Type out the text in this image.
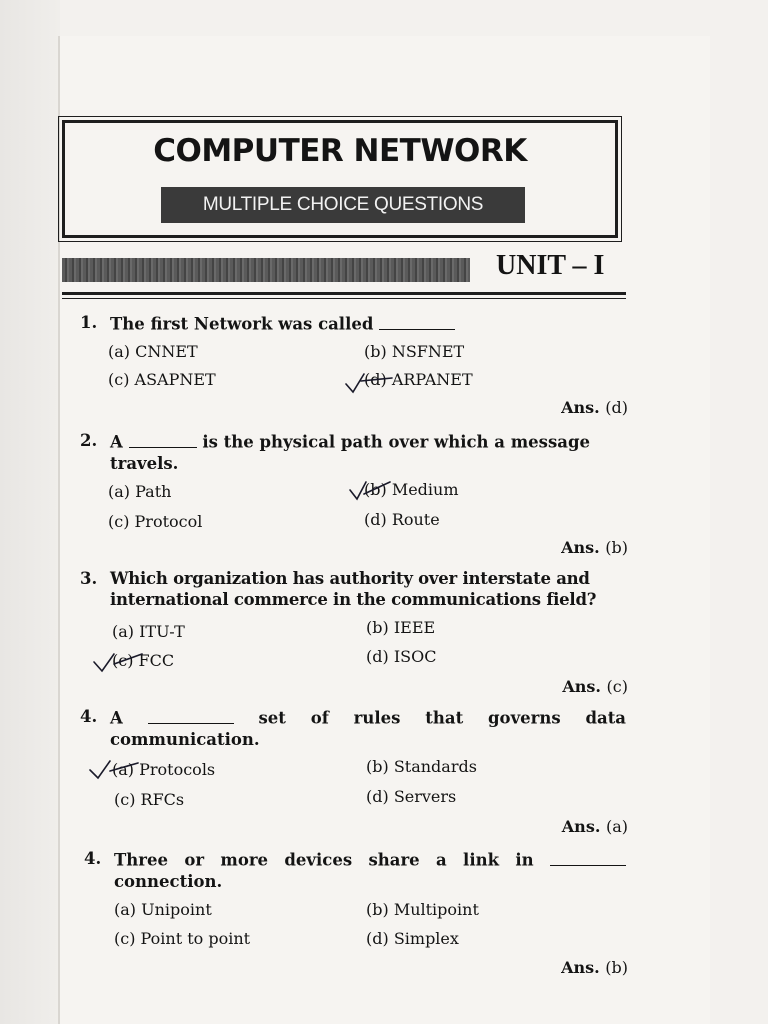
COMPUTER NETWORK
MULTIPLE CHOICE QUESTIONS
UNIT – I
1. The first Network was called
(a) CNNET	(b) NSFNET
(c) ASAPNET	(d) ARPANET
Ans. (d)
2. A	is the physical path over which a message travels.
(a) Path	(b) Medium
(c) Protocol	(d) Route
Ans. (b)
3. Which organization has authority over interstate and international commerce in the communications field?
(a) ITU-T	(b) IEEE
(c) FCC	(d) ISOC
Ans. (c)
4. A	set of rules that governs data
communication.
(a) Protocols	(b) Standards
(c) RFCs	(d) Servers
Ans. (a)
4. Three or more devices share a link in
connection.
(a) Unipoint	(b) Multipoint
(c) Point to point	(d) Simplex
Ans. (b)
